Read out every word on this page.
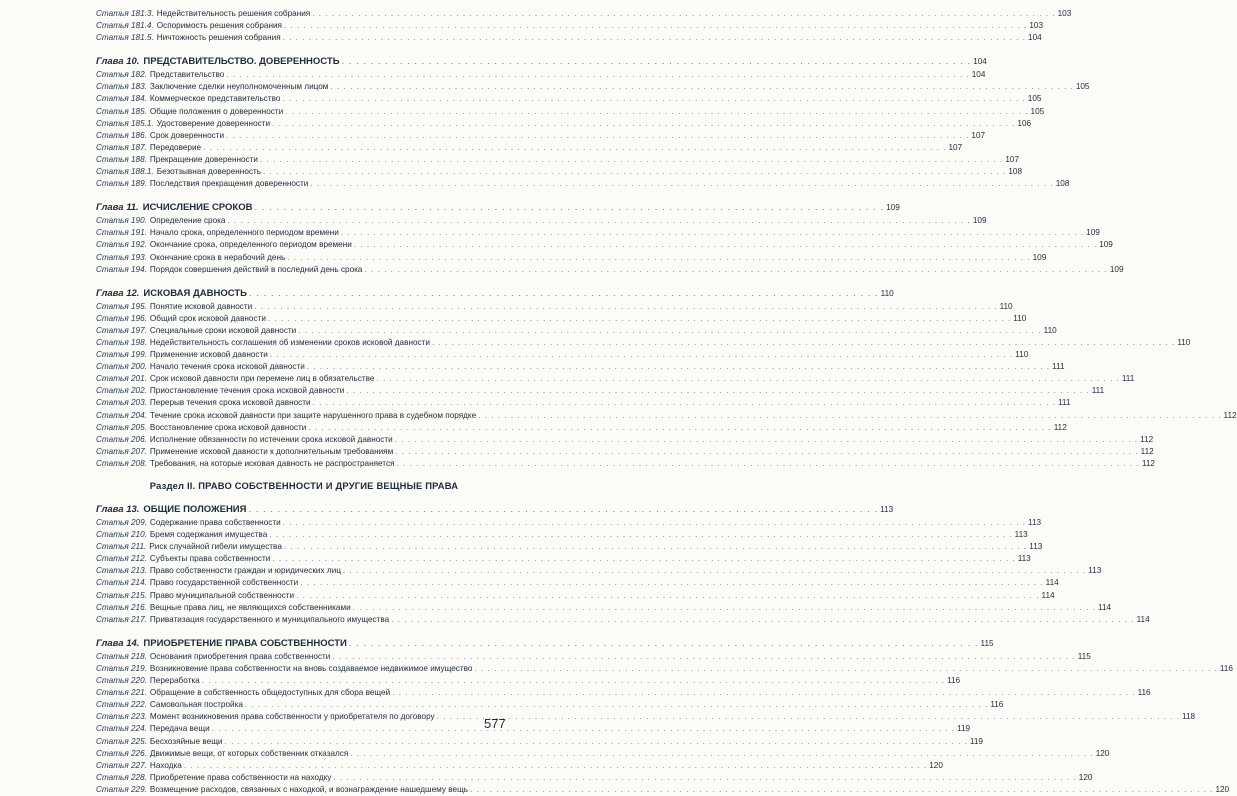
Статья 181.3. Недействительность решения собрания . . .	103
Статья 181.4. Оспоримость решения собрания . . .	103
Статья 181.5. Ничтожность решения собрания . . .	104
Глава 10. ПРЕДСТАВИТЕЛЬСТВО. ДОВЕРЕННОСТЬ . . .	104
Статья 182. Представительство . . .	104
Статья 183. Заключение сделки неуполномоченным лицом . . .	105
Статья 184. Коммерческое представительство . . .	105
Статья 185. Общие положения о доверенности . . .	105
Статья 185.1. Удостоверение доверенности . . .	106
Статья 186. Срок доверенности . . .	107
Статья 187. Передоверие . . .	107
Статья 188. Прекращение доверенности . . .	107
Статья 188.1. Безотзывная доверенность . . .	108
Статья 189. Последствия прекращения доверенности . . .	108
Глава 11. ИСЧИСЛЕНИЕ СРОКОВ . . .	109
Статья 190. Определение срока . . .	109
Статья 191. Начало срока, определенного периодом времени . . .	109
Статья 192. Окончание срока, определенного периодом времени . . .	109
Статья 193. Окончание срока в нерабочий день . . .	109
Статья 194. Порядок совершения действий в последний день срока . . .	109
Глава 12. ИСКОВАЯ ДАВНОСТЬ . . .	110
Статья 195. Понятие исковой давности . . .	110
Статья 196. Общий срок исковой давности . . .	110
Статья 197. Специальные сроки исковой давности . . .	110
Статья 198. Недействительность соглашения об изменении сроков исковой давности . . .	110
Статья 199. Применение исковой давности . . .	110
Статья 200. Начало течения срока исковой давности . . .	111
Статья 201. Срок исковой давности при перемене лиц в обязательстве . . .	111
Статья 202. Приостановление течения срока исковой давности . . .	111
Статья 203. Перерыв течения срока исковой давности . . .	111
Статья 204. Течение срока исковой давности при защите нарушенного права в судебном порядке . . .	112
Статья 205. Восстановление срока исковой давности . . .	112
Статья 206. Исполнение обязанности по истечении срока исковой давности . . .	112
Статья 207. Применение исковой давности к дополнительным требованиям . . .	112
Статья 208. Требования, на которые исковая давность не распространяется . . .	112
Раздел II. ПРАВО СОБСТВЕННОСТИ И ДРУГИЕ ВЕЩНЫЕ ПРАВА
Глава 13. ОБЩИЕ ПОЛОЖЕНИЯ . . .	113
Статья 209. Содержание права собственности . . .	113
Статья 210. Бремя содержания имущества . . .	113
Статья 211. Риск случайной гибели имущества . . .	113
Статья 212. Субъекты права собственности . . .	113
Статья 213. Право собственности граждан и юридических лиц . . .	113
Статья 214. Право государственной собственности . . .	114
Статья 215. Право муниципальной собственности . . .	114
Статья 216. Вещные права лиц, не являющихся собственниками . . .	114
Статья 217. Приватизация государственного и муниципального имущества . . .	114
Глава 14. ПРИОБРЕТЕНИЕ ПРАВА СОБСТВЕННОСТИ . . .	115
Статья 218. Основания приобретения права собственности . . .	115
Статья 219. Возникновение права собственности на вновь создаваемое недвижимое имущество . . .	116
Статья 220. Переработка . . .	116
Статья 221. Обращение в собственность общедоступных для сбора вещей . . .	116
Статья 222. Самовольная постройка . . .	116
Статья 223. Момент возникновения права собственности у приобретателя по договору . . .	118
Статья 224. Передача вещи . . .	119
Статья 225. Бесхозяйные вещи . . .	119
Статья 226. Движимые вещи, от которых собственник отказался . . .	120
Статья 227. Находка . . .	120
Статья 228. Приобретение права собственности на находку . . .	120
Статья 229. Возмещение расходов, связанных с находкой, и вознаграждение нашедшему вещь . . .	120
577
